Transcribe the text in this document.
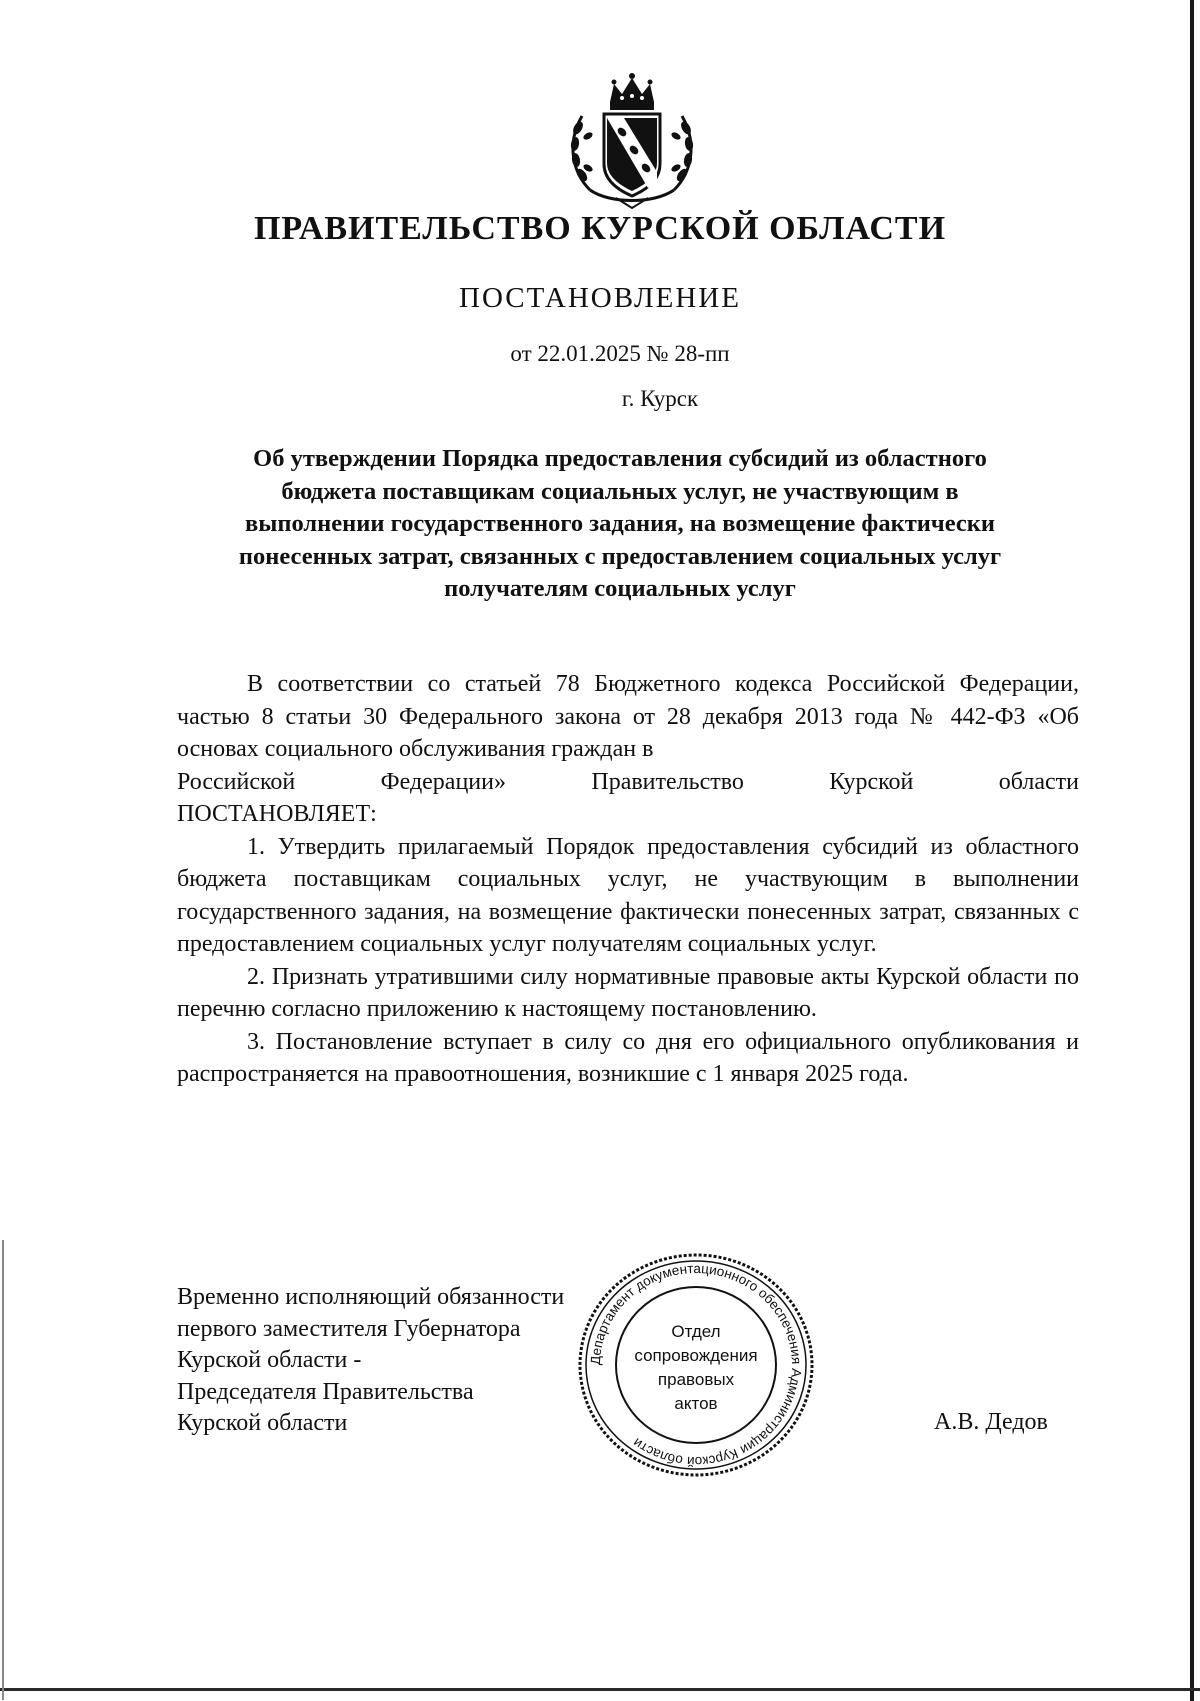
ПРАВИТЕЛЬСТВО КУРСКОЙ ОБЛАСТИ
ПОСТАНОВЛЕНИЕ
от 22.01.2025 № 28-пп
г. Курск
Об утверждении Порядка предоставления субсидий из областного
бюджета поставщикам социальных услуг, не участвующим в
выполнении государственного задания, на возмещение фактически
понесенных затрат, связанных с предоставлением социальных услуг
получателям социальных услуг

В соответствии со статьей 78 Бюджетного кодекса Российской Федерации, частью 8 статьи 30 Федерального закона от 28 декабря 2013 года № 442-ФЗ «Об основах социального обслуживания граждан в

Российской Федерации» Правительство Курской области

ПОСТАНОВЛЯЕТ:

1. Утвердить прилагаемый Порядок предоставления субсидий из областного бюджета поставщикам социальных услуг, не участвующим в выполнении государственного задания, на возмещение фактически понесенных затрат, связанных с предоставлением социальных услуг получателям социальных услуг.

2. Признать утратившими силу нормативные правовые акты Курской области по перечню согласно приложению к настоящему постановлению.

3. Постановление вступает в силу со дня его официального опубликования и распространяется на правоотношения, возникшие с 1 января 2025 года.

Временно исполняющий обязанности
первого заместителя Губернатора
Курской области -
Председателя Правительства
Курской области
Департамент документационного обеспечения Администрации Курской области
Отдел
сопровождения
правовых
актов
А.В. Дедов
